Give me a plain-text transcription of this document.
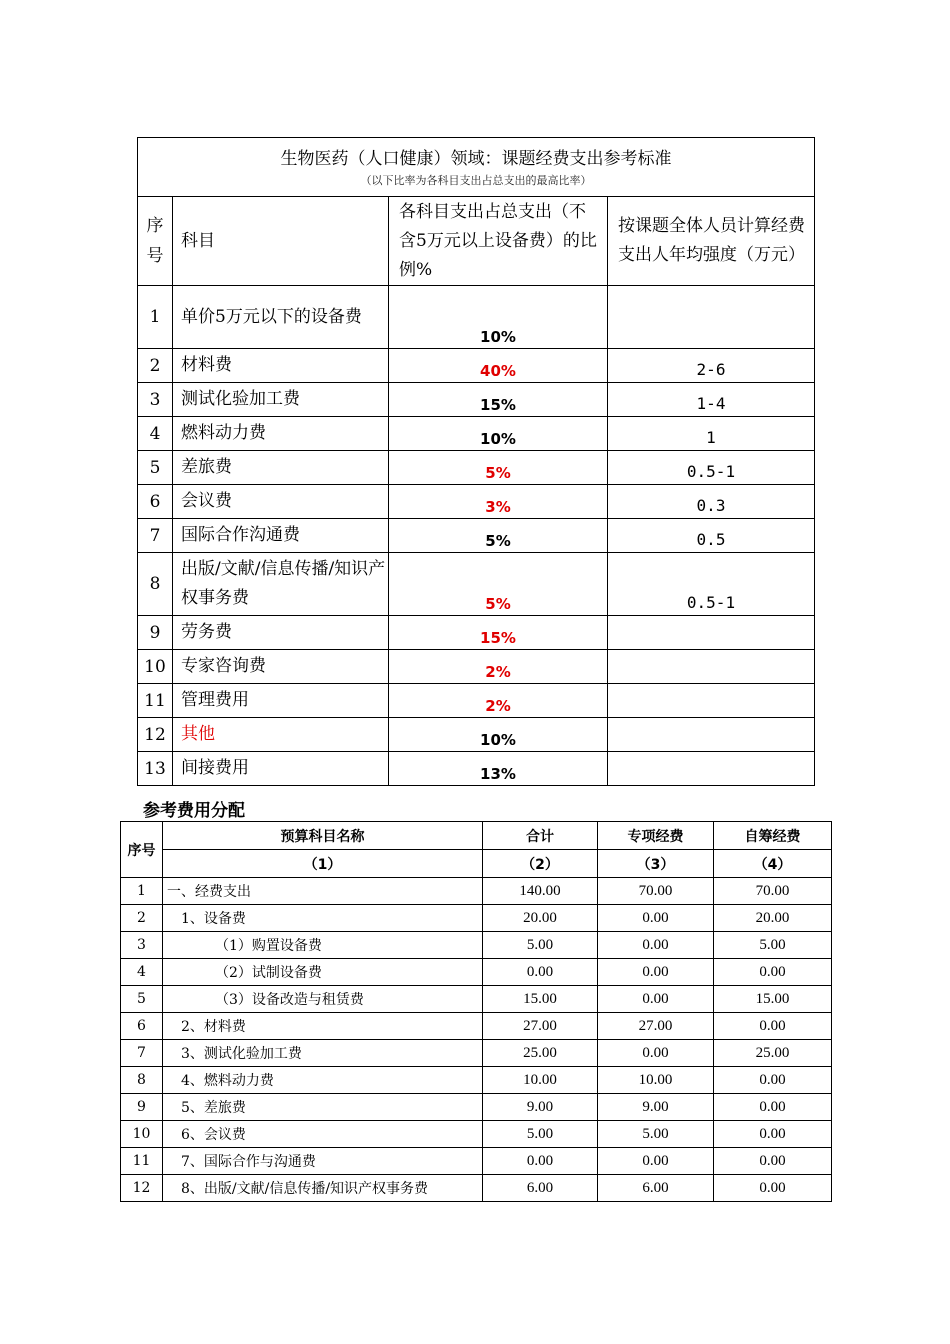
生物医药（人口健康）领域：课题经费支出参考标准
（以下比率为各科目支出占总支出的最高比率）			

序号	科目	各科目支出占总支出（不含5万元以上设备费）的比例%	按课题全体人员计算经费支出人年均强度（万元）
1	单价5万元以下的设备费	10%	
2	材料费	40%	2-6
3	测试化验加工费	15%	1-4
4	燃料动力费	10%	1
5	差旅费	5%	0.5-1
6	会议费	3%	0.3
7	国际合作沟通费	5%	0.5
8	出版/文献/信息传播/知识产权事务费	5%	0.5-1
9	劳务费	15%	
10	专家咨询费	2%	
11	管理费用	2%	
12	其他	10%	
13	间接费用	13%	
参考费用分配
序号	预算科目名称	合计	专项经费	自筹经费
	（1）	（2）	（3）	（4）
1	一、经费支出	140.00	70.00	70.00
2	1、设备费	20.00	0.00	20.00
3	（1）购置设备费	5.00	0.00	5.00
4	（2）试制设备费	0.00	0.00	0.00
5	（3）设备改造与租赁费	15.00	0.00	15.00
6	2、材料费	27.00	27.00	0.00
7	3、测试化验加工费	25.00	0.00	25.00
8	4、燃料动力费	10.00	10.00	0.00
9	5、差旅费	9.00	9.00	0.00
10	6、会议费	5.00	5.00	0.00
11	7、国际合作与沟通费	0.00	0.00	0.00
12	8、出版/文献/信息传播/知识产权事务费	6.00	6.00	0.00
